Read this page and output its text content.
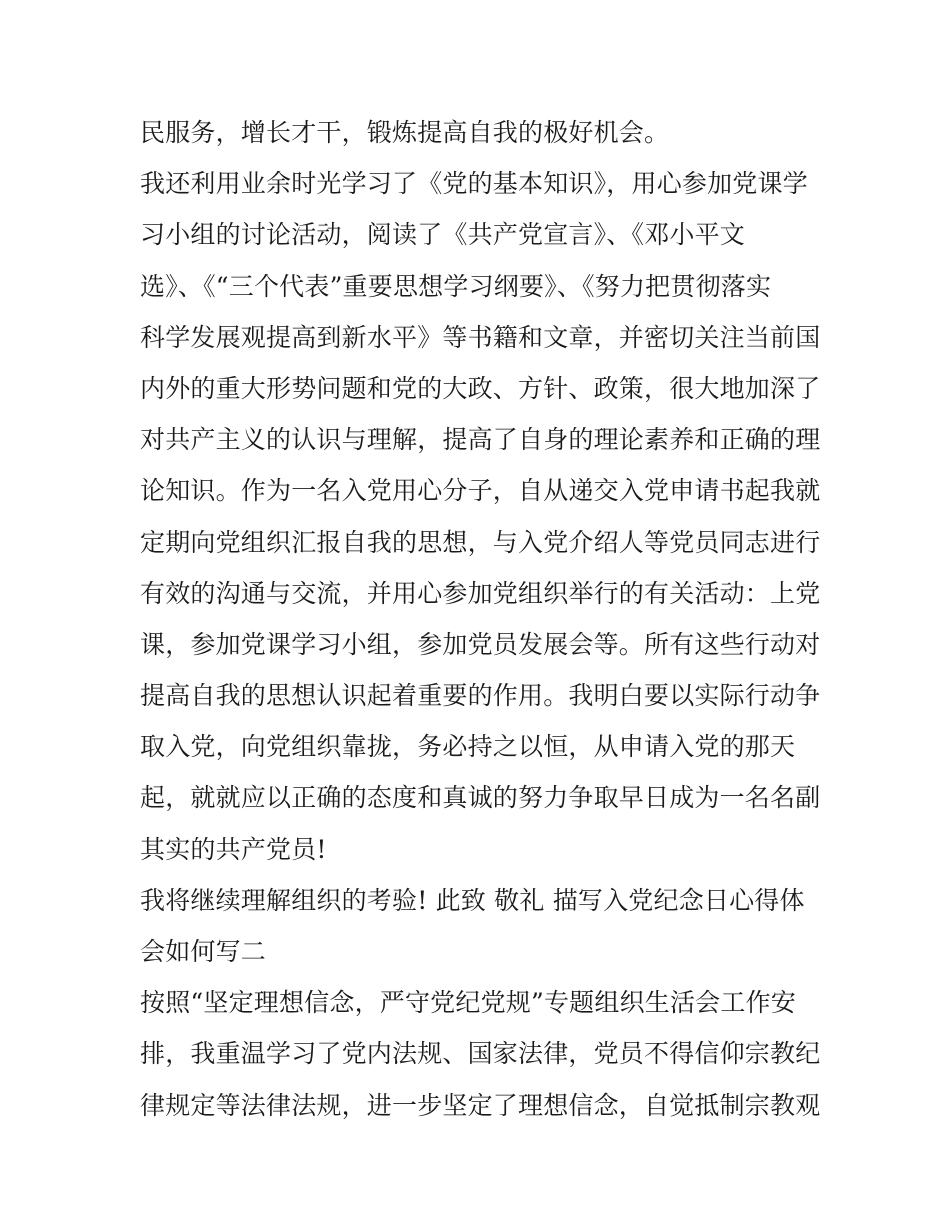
民服务，增长才干，锻炼提高自我的极好机会。
我还利用业余时光学习了《党的基本知识》，用心参加党课学
习小组的讨论活动，阅读了《共产党宣言》、《邓小平文
选》、《“三个代表”重要思想学习纲要》、《努力把贯彻落实
科学发展观提高到新水平》等书籍和文章，并密切关注当前国
内外的重大形势问题和党的大政、方针、政策，很大地加深了
对共产主义的认识与理解，提高了自身的理论素养和正确的理
论知识。作为一名入党用心分子，自从递交入党申请书起我就
定期向党组织汇报自我的思想，与入党介绍人等党员同志进行
有效的沟通与交流，并用心参加党组织举行的有关活动：上党
课，参加党课学习小组，参加党员发展会等。所有这些行动对
提高自我的思想认识起着重要的作用。我明白要以实际行动争
取入党，向党组织靠拢，务必持之以恒，从申请入党的那天
起，就就应以正确的态度和真诚的努力争取早日成为一名名副
其实的共产党员!
我将继续理解组织的考验! 此致 敬礼 描写入党纪念日心得体
会如何写二
按照“坚定理想信念，严守党纪党规”专题组织生活会工作安
排，我重温学习了党内法规、国家法律，党员不得信仰宗教纪
律规定等法律法规，进一步坚定了理想信念，自觉抵制宗教观
